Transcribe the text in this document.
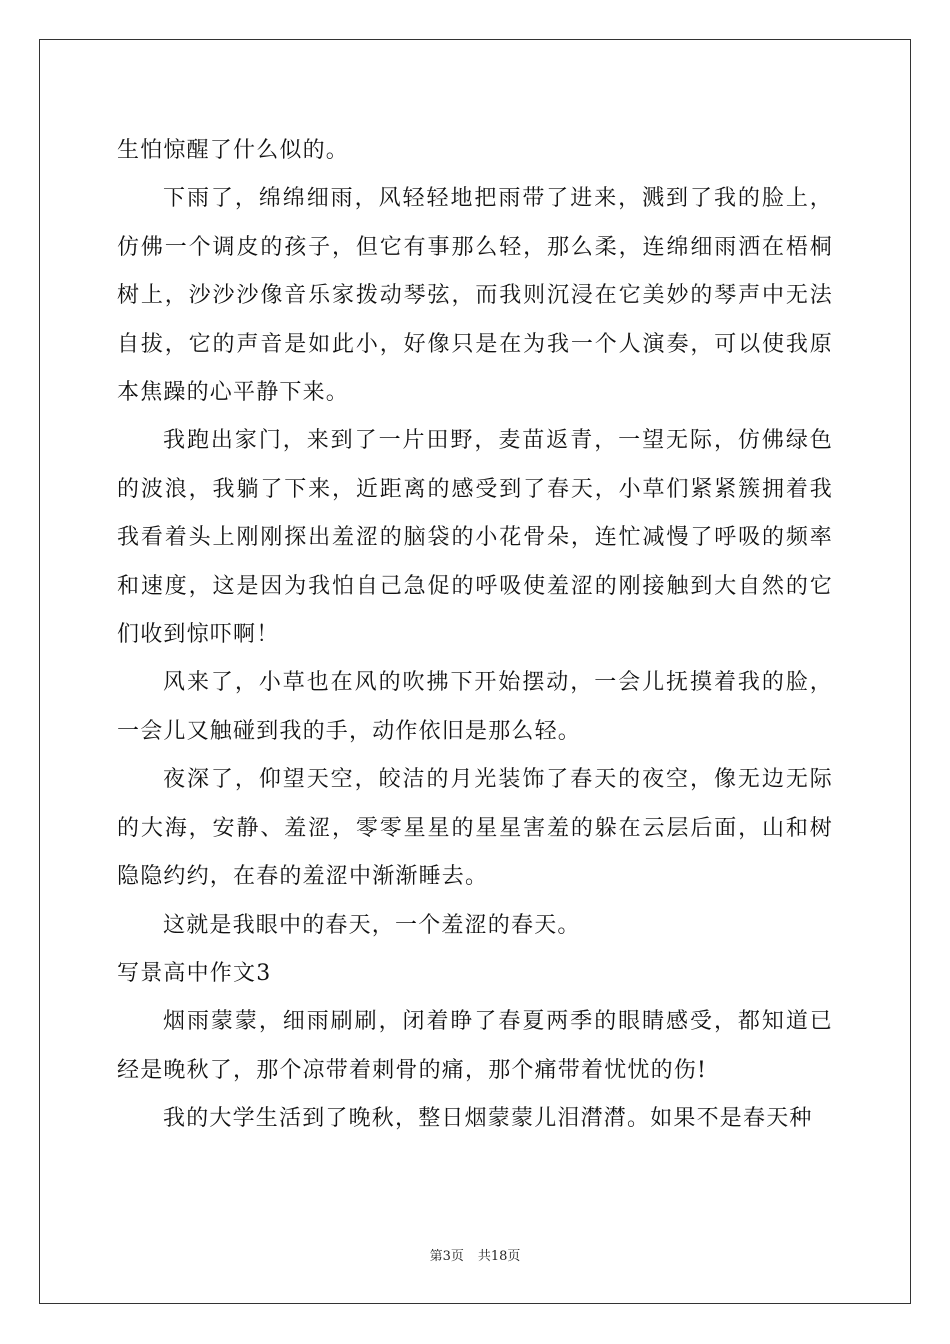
生怕惊醒了什么似的。

下雨了，绵绵细雨，风轻轻地把雨带了进来，溅到了我的脸上，仿佛一个调皮的孩子，但它有事那么轻，那么柔，连绵细雨洒在梧桐树上，沙沙沙像音乐家拨动琴弦，而我则沉浸在它美妙的琴声中无法自拔，它的声音是如此小，好像只是在为我一个人演奏，可以使我原本焦躁的心平静下来。

我跑出家门，来到了一片田野，麦苗返青，一望无际，仿佛绿色的波浪，我躺了下来，近距离的感受到了春天，小草们紧紧簇拥着我我看着头上刚刚探出羞涩的脑袋的小花骨朵，连忙减慢了呼吸的频率和速度，这是因为我怕自己急促的呼吸使羞涩的刚接触到大自然的它们收到惊吓啊！

风来了，小草也在风的吹拂下开始摆动，一会儿抚摸着我的脸，一会儿又触碰到我的手，动作依旧是那么轻。

夜深了，仰望天空，皎洁的月光装饰了春天的夜空，像无边无际的大海，安静、羞涩，零零星星的星星害羞的躲在云层后面，山和树隐隐约约，在春的羞涩中渐渐睡去。

这就是我眼中的春天，一个羞涩的春天。

写景高中作文3

烟雨蒙蒙，细雨刷刷，闭着睁了春夏两季的眼睛感受，都知道已经是晚秋了，那个凉带着刺骨的痛，那个痛带着忧忧的伤!

我的大学生活到了晚秋，整日烟蒙蒙儿泪潸潸。如果不是春天种

第3页 共18页
